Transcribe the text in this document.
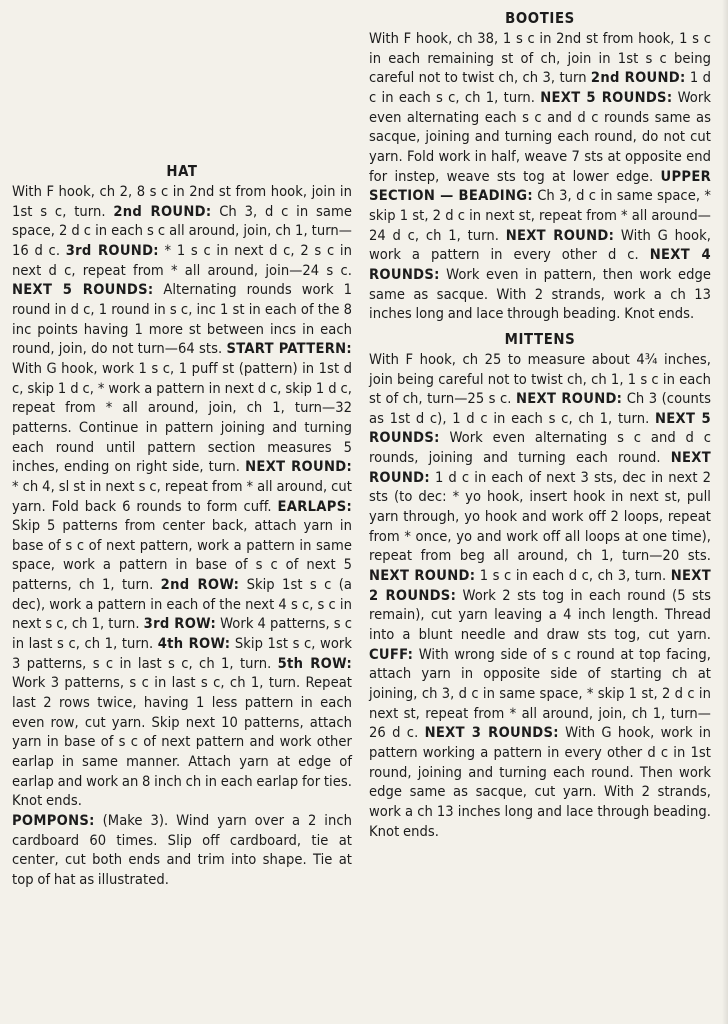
HAT

With F hook, ch 2, 8 s c in 2nd st from hook, join in 1st s c, turn. 2nd ROUND: Ch 3, d c in same space, 2 d c in each s c all around, join, ch 1, turn—16 d c. 3rd ROUND: * 1 s c in next d c, 2 s c in next d c, repeat from * all around, join—24 s c. NEXT 5 ROUNDS: Alternating rounds work 1 round in d c, 1 round in s c, inc 1 st in each of the 8 inc points having 1 more st between incs in each round, join, do not turn—64 sts. START PATTERN: With G hook, work 1 s c, 1 puff st (pattern) in 1st d c, skip 1 d c, * work a pattern in next d c, skip 1 d c, repeat from * all around, join, ch 1, turn—32 patterns. Continue in pattern joining and turning each round until pattern section measures 5 inches, ending on right side, turn. NEXT ROUND: * ch 4, sl st in next s c, repeat from * all around, cut yarn. Fold back 6 rounds to form cuff. EARLAPS: Skip 5 patterns from center back, attach yarn in base of s c of next pattern, work a pattern in same space, work a pattern in base of s c of next 5 patterns, ch 1, turn. 2nd ROW: Skip 1st s c (a dec), work a pattern in each of the next 4 s c, s c in next s c, ch 1, turn. 3rd ROW: Work 4 patterns, s c in last s c, ch 1, turn. 4th ROW: Skip 1st s c, work 3 patterns, s c in last s c, ch 1, turn. 5th ROW: Work 3 patterns, s c in last s c, ch 1, turn. Repeat last 2 rows twice, having 1 less pattern in each even row, cut yarn. Skip next 10 patterns, attach yarn in base of s c of next pattern and work other earlap in same manner. Attach yarn at edge of earlap and work an 8 inch ch in each earlap for ties. Knot ends.

POMPONS: (Make 3). Wind yarn over a 2 inch cardboard 60 times. Slip off cardboard, tie at center, cut both ends and trim into shape. Tie at top of hat as illustrated.

BOOTIES

With F hook, ch 38, 1 s c in 2nd st from hook, 1 s c in each remaining st of ch, join in 1st s c being careful not to twist ch, ch 3, turn 2nd ROUND: 1 d c in each s c, ch 1, turn. NEXT 5 ROUNDS: Work even alternating each s c and d c rounds same as sacque, joining and turning each round, do not cut yarn. Fold work in half, weave 7 sts at opposite end for instep, weave sts tog at lower edge. UPPER SECTION — BEADING: Ch 3, d c in same space, * skip 1 st, 2 d c in next st, repeat from * all around—24 d c, ch 1, turn. NEXT ROUND: With G hook, work a pattern in every other d c. NEXT 4 ROUNDS: Work even in pattern, then work edge same as sacque. With 2 strands, work a ch 13 inches long and lace through beading. Knot ends.

MITTENS

With F hook, ch 25 to measure about 4¾ inches, join being careful not to twist ch, ch 1, 1 s c in each st of ch, turn—25 s c. NEXT ROUND: Ch 3 (counts as 1st d c), 1 d c in each s c, ch 1, turn. NEXT 5 ROUNDS: Work even alternating s c and d c rounds, joining and turning each round. NEXT ROUND: 1 d c in each of next 3 sts, dec in next 2 sts (to dec: * yo hook, insert hook in next st, pull yarn through, yo hook and work off 2 loops, repeat from * once, yo and work off all loops at one time), repeat from beg all around, ch 1, turn—20 sts. NEXT ROUND: 1 s c in each d c, ch 3, turn. NEXT 2 ROUNDS: Work 2 sts tog in each round (5 sts remain), cut yarn leaving a 4 inch length. Thread into a blunt needle and draw sts tog, cut yarn. CUFF: With wrong side of s c round at top facing, attach yarn in opposite side of starting ch at joining, ch 3, d c in same space, * skip 1 st, 2 d c in next st, repeat from * all around, join, ch 1, turn—26 d c. NEXT 3 ROUNDS: With G hook, work in pattern working a pattern in every other d c in 1st round, joining and turning each round. Then work edge same as sacque, cut yarn. With 2 strands, work a ch 13 inches long and lace through beading. Knot ends.
